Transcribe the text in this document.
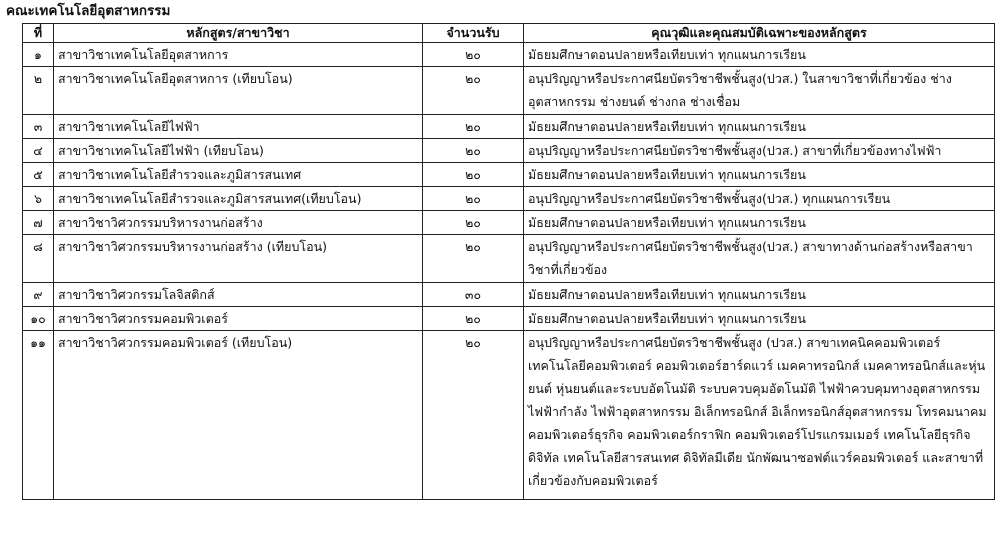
คณะเทคโนโลยีอุตสาหกรรม
ที่	หลักสูตร/สาขาวิชา	จำนวนรับ	คุณวุฒิและคุณสมบัติเฉพาะของหลักสูตร
๑	สาขาวิชาเทคโนโลยีอุตสาหการ	๒๐	มัธยมศึกษาตอนปลายหรือเทียบเท่า ทุกแผนการเรียน
๒	สาขาวิชาเทคโนโลยีอุตสาหการ (เทียบโอน)	๒๐	อนุปริญญาหรือประกาศนียบัตรวิชาชีพชั้นสูง(ปวส.) ในสาขาวิชาที่เกี่ยวข้อง ช่างอุตสาหกรรม ช่างยนต์ ช่างกล ช่างเชื่อม
๓	สาขาวิชาเทคโนโลยีไฟฟ้า	๒๐	มัธยมศึกษาตอนปลายหรือเทียบเท่า ทุกแผนการเรียน
๔	สาขาวิชาเทคโนโลยีไฟฟ้า (เทียบโอน)	๒๐	อนุปริญญาหรือประกาศนียบัตรวิชาชีพชั้นสูง(ปวส.) สาขาที่เกี่ยวข้องทางไฟฟ้า
๕	สาขาวิชาเทคโนโลยีสำรวจและภูมิสารสนเทศ	๒๐	มัธยมศึกษาตอนปลายหรือเทียบเท่า ทุกแผนการเรียน
๖	สาขาวิชาเทคโนโลยีสำรวจและภูมิสารสนเทศ(เทียบโอน)	๒๐	อนุปริญญาหรือประกาศนียบัตรวิชาชีพชั้นสูง(ปวส.) ทุกแผนการเรียน
๗	สาขาวิชาวิศวกรรมบริหารงานก่อสร้าง	๒๐	มัธยมศึกษาตอนปลายหรือเทียบเท่า ทุกแผนการเรียน
๘	สาขาวิชาวิศวกรรมบริหารงานก่อสร้าง (เทียบโอน)	๒๐	อนุปริญญาหรือประกาศนียบัตรวิชาชีพชั้นสูง(ปวส.) สาขาทางด้านก่อสร้างหรือสาขาวิชาที่เกี่ยวข้อง
๙	สาขาวิชาวิศวกรรมโลจิสติกส์	๓๐	มัธยมศึกษาตอนปลายหรือเทียบเท่า ทุกแผนการเรียน
๑๐	สาขาวิชาวิศวกรรมคอมพิวเตอร์	๒๐	มัธยมศึกษาตอนปลายหรือเทียบเท่า ทุกแผนการเรียน
๑๑	สาขาวิชาวิศวกรรมคอมพิวเตอร์ (เทียบโอน)	๒๐	อนุปริญญาหรือประกาศนียบัตรวิชาชีพชั้นสูง (ปวส.) สาขาเทคนิคคอมพิวเตอร์ เทคโนโลยีคอมพิวเตอร์ คอมพิวเตอร์ฮาร์ดแวร์ เมคคาทรอนิกส์ เมคคาทรอนิกส์และหุ่นยนต์ หุ่นยนต์และระบบอัตโนมัติ ระบบควบคุมอัตโนมัติ ไฟฟ้าควบคุมทางอุตสาหกรรม ไฟฟ้ากำลัง ไฟฟ้าอุตสาหกรรม อิเล็กทรอนิกส์ อิเล็กทรอนิกส์อุตสาหกรรม โทรคมนาคม คอมพิวเตอร์ธุรกิจ คอมพิวเตอร์กราฟิก คอมพิวเตอร์โปรแกรมเมอร์ เทคโนโลยีธุรกิจดิจิทัล เทคโนโลยีสารสนเทศ ดิจิทัลมีเดีย นักพัฒนาซอฟต์แวร์คอมพิวเตอร์ และสาขาที่เกี่ยวข้องกับคอมพิวเตอร์
